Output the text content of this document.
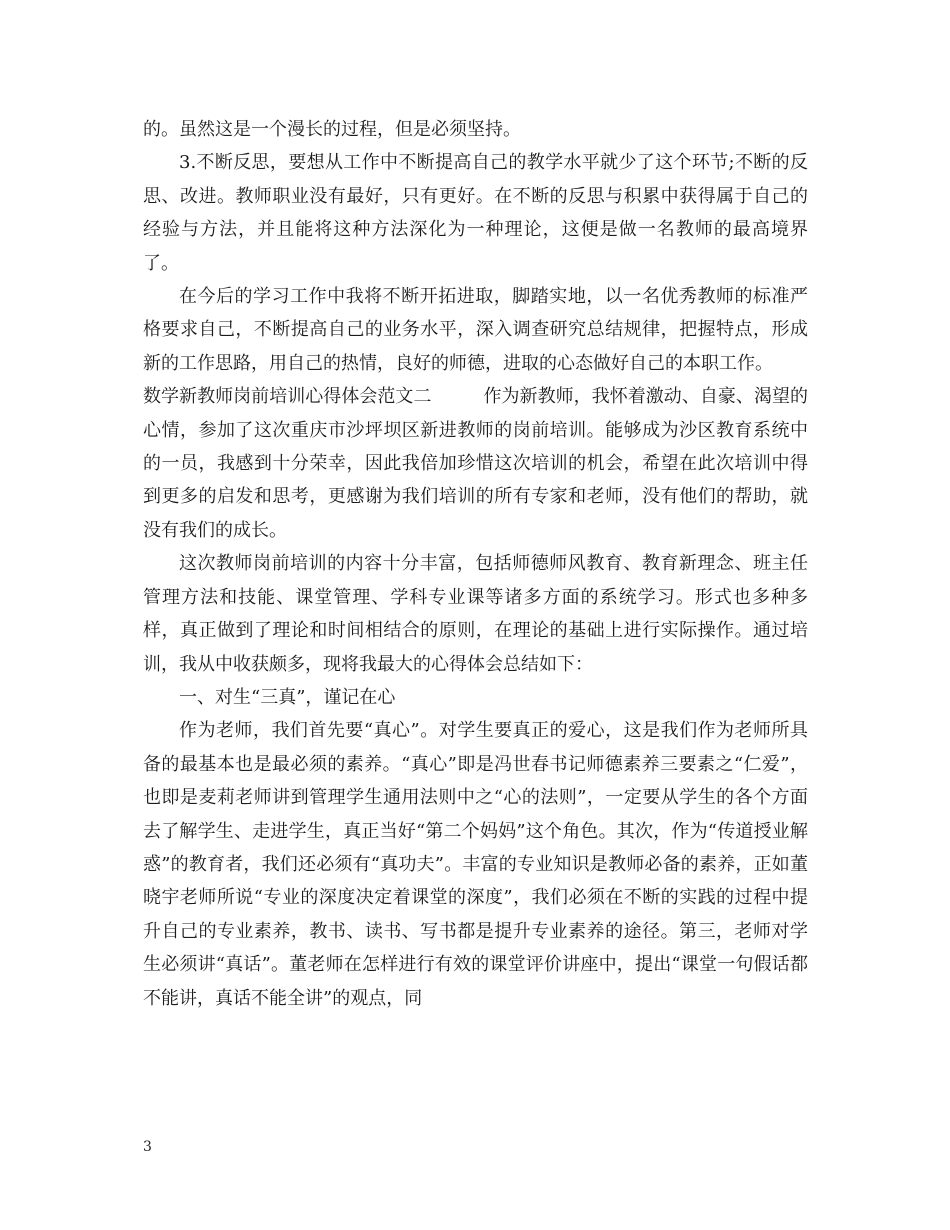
的。虽然这是一个漫长的过程，但是必须坚持。

3.不断反思，要想从工作中不断提高自己的教学水平就少了这个环节;不断的反思、改进。教师职业没有最好，只有更好。在不断的反思与积累中获得属于自己的经验与方法，并且能将这种方法深化为一种理论，这便是做一名教师的最高境界了。

在今后的学习工作中我将不断开拓进取，脚踏实地，以一名优秀教师的标准严格要求自己，不断提高自己的业务水平，深入调查研究总结规律，把握特点，形成新的工作思路，用自己的热情，良好的师德，进取的心态做好自己的本职工作。

数学新教师岗前培训心得体会范文二	作为新教师，我怀着激动、自豪、渴望的心情，参加了这次重庆市沙坪坝区新进教师的岗前培训。能够成为沙区教育系统中的一员，我感到十分荣幸，因此我倍加珍惜这次培训的机会，希望在此次培训中得到更多的启发和思考，更感谢为我们培训的所有专家和老师，没有他们的帮助，就没有我们的成长。

这次教师岗前培训的内容十分丰富，包括师德师风教育、教育新理念、班主任管理方法和技能、课堂管理、学科专业课等诸多方面的系统学习。形式也多种多样，真正做到了理论和时间相结合的原则，在理论的基础上进行实际操作。通过培训，我从中收获颇多，现将我最大的心得体会总结如下：

一、对生“三真”，谨记在心

作为老师，我们首先要“真心”。对学生要真正的爱心，这是我们作为老师所具备的最基本也是最必须的素养。“真心”即是冯世春书记师德素养三要素之“仁爱”，也即是麦莉老师讲到管理学生通用法则中之“心的法则”，一定要从学生的各个方面去了解学生、走进学生，真正当好“第二个妈妈”这个角色。其次，作为“传道授业解惑”的教育者，我们还必须有“真功夫”。丰富的专业知识是教师必备的素养，正如董晓宇老师所说“专业的深度决定着课堂的深度”，我们必须在不断的实践的过程中提升自己的专业素养，教书、读书、写书都是提升专业素养的途径。第三，老师对学生必须讲“真话”。董老师在怎样进行有效的课堂评价讲座中，提出“课堂一句假话都不能讲，真话不能全讲”的观点，同

3
